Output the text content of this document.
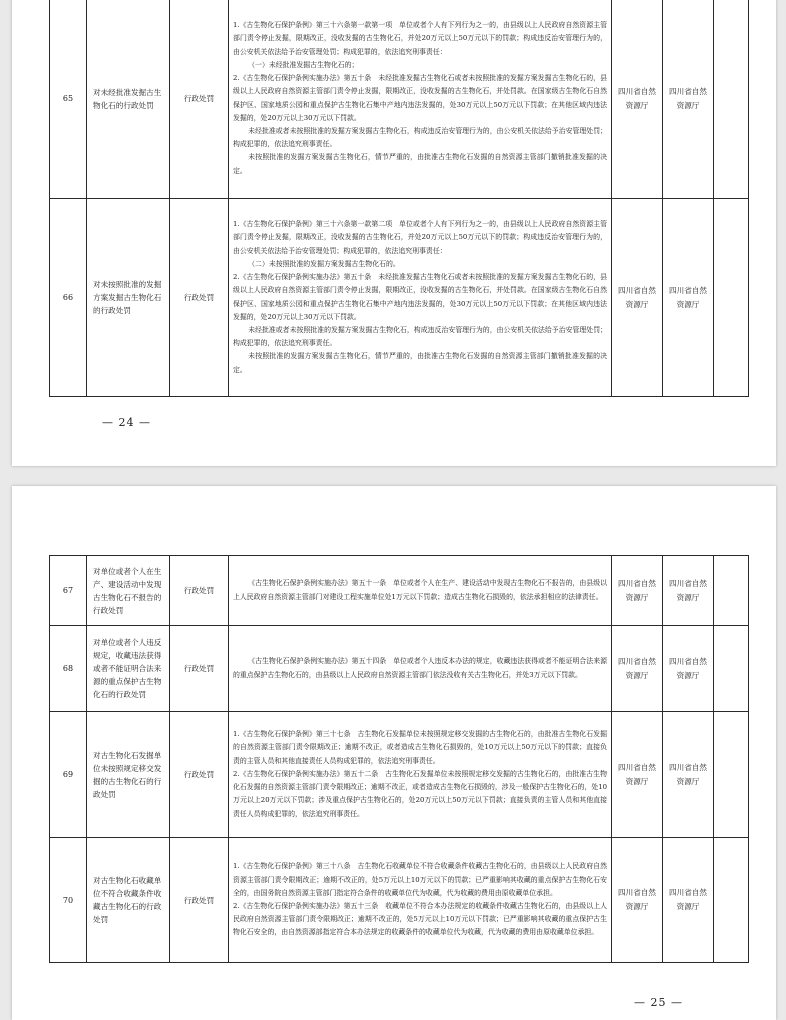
65	对未经批准发掘古生物化石的行政处罚	行政处罚	1.《古生物化石保护条例》第三十六条第一款第一项　单位或者个人有下列行为之一的，由县级以上人民政府自然资源主管部门责令停止发掘，限期改正，没收发掘的古生物化石，并处20万元以上50万元以下的罚款；构成违反治安管理行为的，由公安机关依法给予治安管理处罚；构成犯罪的，依法追究刑事责任：
（一）未经批准发掘古生物化石的；
2.《古生物化石保护条例实施办法》第五十条　未经批准发掘古生物化石或者未按照批准的发掘方案发掘古生物化石的，县级以上人民政府自然资源主管部门责令停止发掘，限期改正，没收发掘的古生物化石，并处罚款。在国家级古生物化石自然保护区、国家地质公园和重点保护古生物化石集中产地内违法发掘的，处30万元以上50万元以下罚款；在其他区域内违法发掘的，处20万元以上30万元以下罚款。
未经批准或者未按照批准的发掘方案发掘古生物化石，构成违反治安管理行为的，由公安机关依法给予治安管理处罚；构成犯罪的，依法追究刑事责任。
未按照批准的发掘方案发掘古生物化石，情节严重的，由批准古生物化石发掘的自然资源主管部门撤销批准发掘的决定。	四川省自然资源厅	四川省自然资源厅	

66	对未按照批准的发掘方案发掘古生物化石的行政处罚	行政处罚	1.《古生物化石保护条例》第三十六条第一款第二项　单位或者个人有下列行为之一的，由县级以上人民政府自然资源主管部门责令停止发掘，限期改正，没收发掘的古生物化石，并处20万元以上50万元以下的罚款；构成违反治安管理行为的，由公安机关依法给予治安管理处罚；构成犯罪的，依法追究刑事责任：
（二）未按照批准的发掘方案发掘古生物化石的。
2.《古生物化石保护条例实施办法》第五十条　未经批准发掘古生物化石或者未按照批准的发掘方案发掘古生物化石的，县级以上人民政府自然资源主管部门责令停止发掘，限期改正，没收发掘的古生物化石，并处罚款。在国家级古生物化石自然保护区、国家地质公园和重点保护古生物化石集中产地内违法发掘的，处30万元以上50万元以下罚款；在其他区域内违法发掘的，处20万元以上30万元以下罚款。
未经批准或者未按照批准的发掘方案发掘古生物化石，构成违反治安管理行为的，由公安机关依法给予治安管理处罚；构成犯罪的，依法追究刑事责任。
未按照批准的发掘方案发掘古生物化石，情节严重的，由批准古生物化石发掘的自然资源主管部门撤销批准发掘的决定。	四川省自然资源厅	四川省自然资源厅	

— 24 —
67	对单位或者个人在生产、建设活动中发现古生物化石不报告的行政处罚	行政处罚	《古生物化石保护条例实施办法》第五十一条　单位或者个人在生产、建设活动中发现古生物化石不报告的，由县级以上人民政府自然资源主管部门对建设工程实施单位处1万元以下罚款；造成古生物化石损毁的，依法承担相应的法律责任。	四川省自然资源厅	四川省自然资源厅	

68	对单位或者个人违反规定，收藏违法获得或者不能证明合法来源的重点保护古生物化石的行政处罚	行政处罚	《古生物化石保护条例实施办法》第五十四条　单位或者个人违反本办法的规定，收藏违法获得或者不能证明合法来源的重点保护古生物化石的，由县级以上人民政府自然资源主管部门依法没收有关古生物化石，并处3万元以下罚款。	四川省自然资源厅	四川省自然资源厅	

69	对古生物化石发掘单位未按照规定移交发掘的古生物化石的行政处罚	行政处罚	1.《古生物化石保护条例》第三十七条　古生物化石发掘单位未按照规定移交发掘的古生物化石的，由批准古生物化石发掘的自然资源主管部门责令限期改正；逾期不改正，或者造成古生物化石损毁的，处10万元以上50万元以下的罚款；直接负责的主管人员和其他直接责任人员构成犯罪的，依法追究刑事责任。
2.《古生物化石保护条例实施办法》第五十二条　古生物化石发掘单位未按照规定移交发掘的古生物化石的，由批准古生物化石发掘的自然资源主管部门责令限期改正；逾期不改正，或者造成古生物化石损毁的，涉及一般保护古生物化石的，处10万元以上20万元以下罚款；涉及重点保护古生物化石的，处20万元以上50万元以下罚款；直接负责的主管人员和其他直接责任人员构成犯罪的，依法追究刑事责任。	四川省自然资源厅	四川省自然资源厅	

70	对古生物化石收藏单位不符合收藏条件收藏古生物化石的行政处罚	行政处罚	1.《古生物化石保护条例》第三十八条　古生物化石收藏单位不符合收藏条件收藏古生物化石的，由县级以上人民政府自然资源主管部门责令限期改正；逾期不改正的，处5万元以上10万元以下的罚款；已严重影响其收藏的重点保护古生物化石安全的，由国务院自然资源主管部门指定符合条件的收藏单位代为收藏，代为收藏的费用由原收藏单位承担。
2.《古生物化石保护条例实施办法》第五十三条　收藏单位不符合本办法规定的收藏条件收藏古生物化石的，由县级以上人民政府自然资源主管部门责令限期改正；逾期不改正的，处5万元以上10万元以下罚款；已严重影响其收藏的重点保护古生物化石安全的，由自然资源部指定符合本办法规定的收藏条件的收藏单位代为收藏，代为收藏的费用由原收藏单位承担。	四川省自然资源厅	四川省自然资源厅	

— 25 —
